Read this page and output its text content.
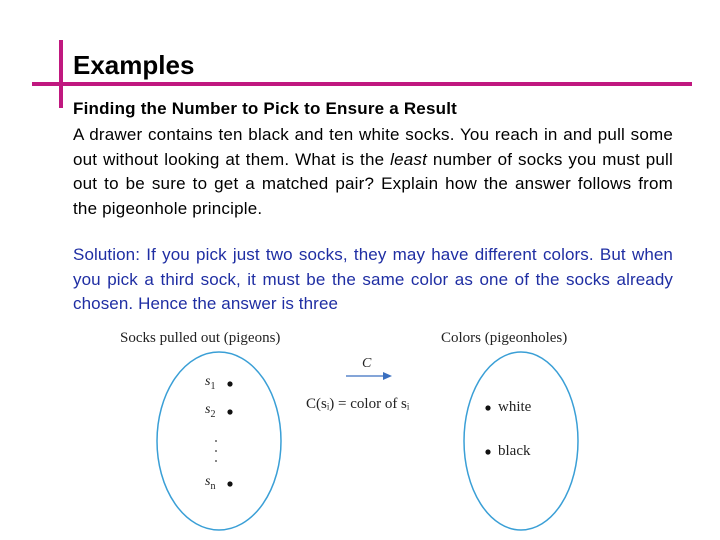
Examples
Finding the Number to Pick to Ensure a Result
A drawer contains ten black and ten white socks. You reach in and pull some out without looking at them. What is the least number of socks you must pull out to be sure to get a matched pair? Explain how the answer follows from the pigeonhole principle.
Solution: If you pick just two socks, they may have different colors. But when you pick a third sock, it must be the same color as one of the socks already chosen. Hence the answer is three
Socks pulled out (pigeons)	Colors (pigeonholes)
$s_1$
$s_2$
$s_n$
C
C(sᵢ) = color of sᵢ	white
black
